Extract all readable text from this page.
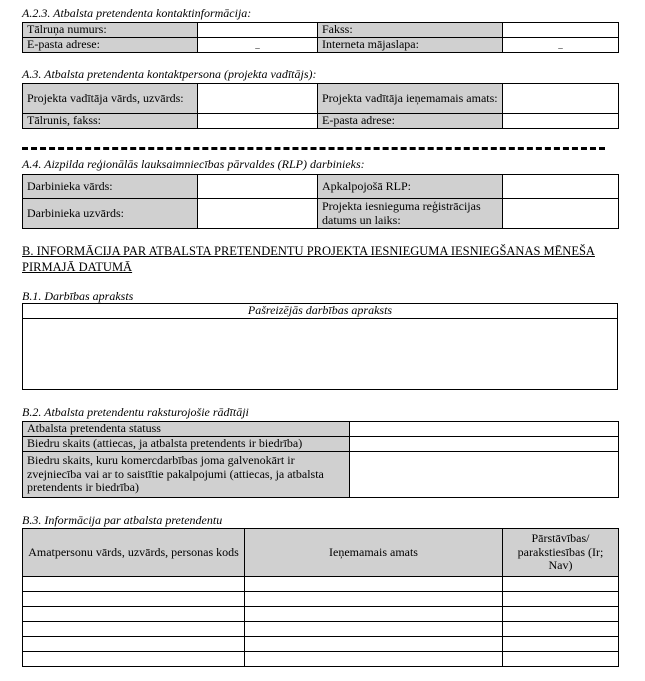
A.2.3. Atbalsta pretendenta kontaktinformācija:
Tālruņa numurs:		Fakss:	
E-pasta adrese:	_	Interneta mājaslapa:	_
A.3. Atbalsta pretendenta kontaktpersona (projekta vadītājs):
Projekta vadītāja vārds, uzvārds:		Projekta vadītāja ieņemamais amats:	
Tālrunis, fakss:		E-pasta adrese:	
A.4. Aizpilda reģionālās lauksaimniecības pārvaldes (RLP) darbinieks:
Darbinieka vārds:		Apkalpojošā RLP:	
Darbinieka uzvārds:		Projekta iesnieguma reģistrācijas datums un laiks:	
B. INFORMĀCIJA PAR ATBALSTA PRETENDENTU PROJEKTA IESNIEGUMA IESNIEGŠANAS MĒNEŠA PIRMAJĀ DATUMĀ
B.1. Darbības apraksts
Pašreizējās darbības apraksts

B.2. Atbalsta pretendentu raksturojošie rādītāji
Atbalsta pretendenta statuss	
Biedru skaits (attiecas, ja atbalsta pretendents ir biedrība)	
Biedru skaits, kuru komercdarbības joma galvenokārt ir zvejniecība vai ar to saistītie pakalpojumi (attiecas, ja atbalsta pretendents ir biedrība)	
B.3. Informācija par atbalsta pretendentu
Amatpersonu vārds, uzvārds, personas kods	Ieņemamais amats	Pārstāvības/ parakstiesības (Ir; Nav)
